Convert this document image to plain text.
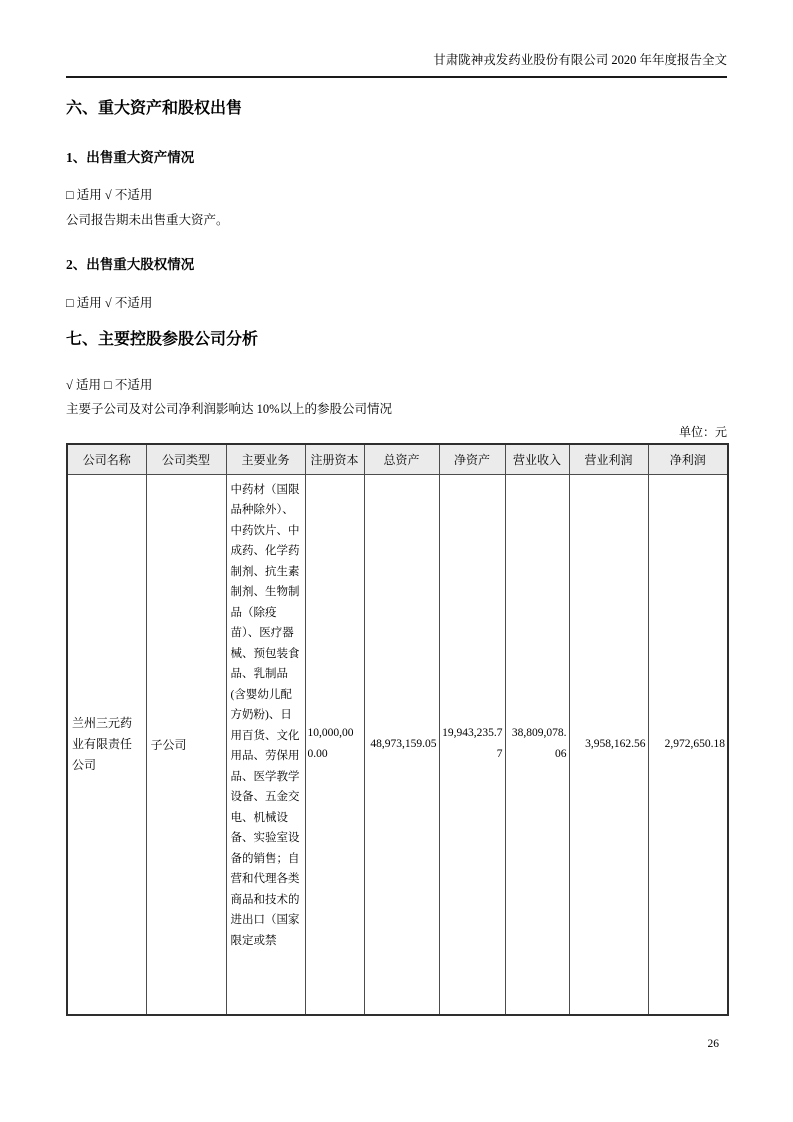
甘肃陇神戎发药业股份有限公司 2020 年年度报告全文
六、重大资产和股权出售
1、出售重大资产情况

□ 适用 √ 不适用

公司报告期未出售重大资产。

2、出售重大股权情况

□ 适用 √ 不适用

七、主要控股参股公司分析

√ 适用 □ 不适用

主要子公司及对公司净利润影响达 10%以上的参股公司情况

单位：元

公司名称	公司类型	主要业务	注册资本	总资产	净资产	营业收入	营业利润	净利润
兰州三元药业有限责任公司	子公司	中药材（国限品种除外）、中药饮片、中成药、化学药制剂、抗生素制剂、生物制品（除疫苗）、医疗器械、预包装食品、乳制品(含婴幼儿配方奶粉)、日用百货、文化用品、劳保用品、医学教学设备、五金交电、机械设备、实验室设备的销售；自营和代理各类商品和技术的进出口（国家限定或禁	10,000,000.00	48,973,159.05	19,943,235.77	38,809,078.06	3,958,162.56	2,972,650.18
26
